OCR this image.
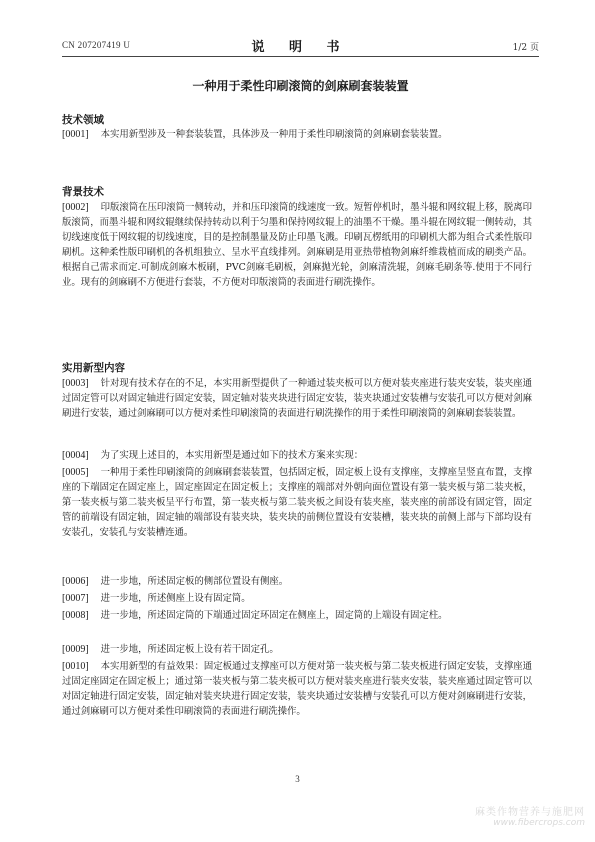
CN 207207419 U	说 明 书	1/2 页
一种用于柔性印刷滚筒的剑麻刷套装装置
技术领域
[0001] 本实用新型涉及一种套装装置，具体涉及一种用于柔性印刷滚筒的剑麻刷套装装置。
背景技术
[0002] 印版滚筒在压印滚筒一侧转动，并和压印滚筒的线速度一致。短暂停机时，墨斗辊和网纹辊上移，脱离印版滚筒，而墨斗辊和网纹辊继续保持转动以利于匀墨和保持网纹辊上的油墨不干燥。墨斗辊在网纹辊一侧转动，其切线速度低于网纹辊的切线速度，目的是控制墨量及防止印墨飞溅。印刷瓦楞纸用的印刷机大都为组合式柔性版印刷机。这种柔性版印刷机的各机组独立、呈水平直线排列。剑麻刷是用亚热带植物剑麻纤维栽植而成的刷类产品。根据自己需求而定.可制成剑麻木板刷，PVC剑麻毛刷板，剑麻抛光轮，剑麻清洗辊，剑麻毛刷条等.使用于不同行业。现有的剑麻刷不方便进行套装，不方便对印版滚筒的表面进行刷洗操作。
实用新型内容
[0003] 针对现有技术存在的不足，本实用新型提供了一种通过装夹板可以方便对装夹座进行装夹安装，装夹座通过固定管可以对固定轴进行固定安装，固定轴对装夹块进行固定安装，装夹块通过安装槽与安装孔可以方便对剑麻刷进行安装，通过剑麻刷可以方便对柔性印刷滚筒的表面进行刷洗操作的用于柔性印刷滚筒的剑麻刷套装装置。
[0004] 为了实现上述目的，本实用新型是通过如下的技术方案来实现：
[0005] 一种用于柔性印刷滚筒的剑麻刷套装装置，包括固定板，固定板上设有支撑座，支撑座呈竖直布置，支撑座的下端固定在固定座上，固定座固定在固定板上；支撑座的端部对外朝向面位置设有第一装夹板与第二装夹板，第一装夹板与第二装夹板呈平行布置，第一装夹板与第二装夹板之间设有装夹座，装夹座的前部设有固定管，固定管的前端设有固定轴，固定轴的端部设有装夹块，装夹块的前侧位置设有安装槽，装夹块的前侧上部与下部均设有安装孔，安装孔与安装槽连通。
[0006] 进一步地，所述固定板的侧部位置设有侧座。
[0007] 进一步地，所述侧座上设有固定筒。
[0008] 进一步地，所述固定筒的下端通过固定环固定在侧座上，固定筒的上端设有固定柱。
[0009] 进一步地，所述固定板上设有若干固定孔。
[0010] 本实用新型的有益效果：固定板通过支撑座可以方便对第一装夹板与第二装夹板进行固定安装，支撑座通过固定座固定在固定板上；通过第一装夹板与第二装夹板可以方便对装夹座进行装夹安装，装夹座通过固定管可以对固定轴进行固定安装，固定轴对装夹块进行固定安装，装夹块通过安装槽与安装孔可以方便对剑麻刷进行安装，通过剑麻刷可以方便对柔性印刷滚筒的表面进行刷洗操作。
3
麻类作物营养与施肥网
www.fibercrops.com
